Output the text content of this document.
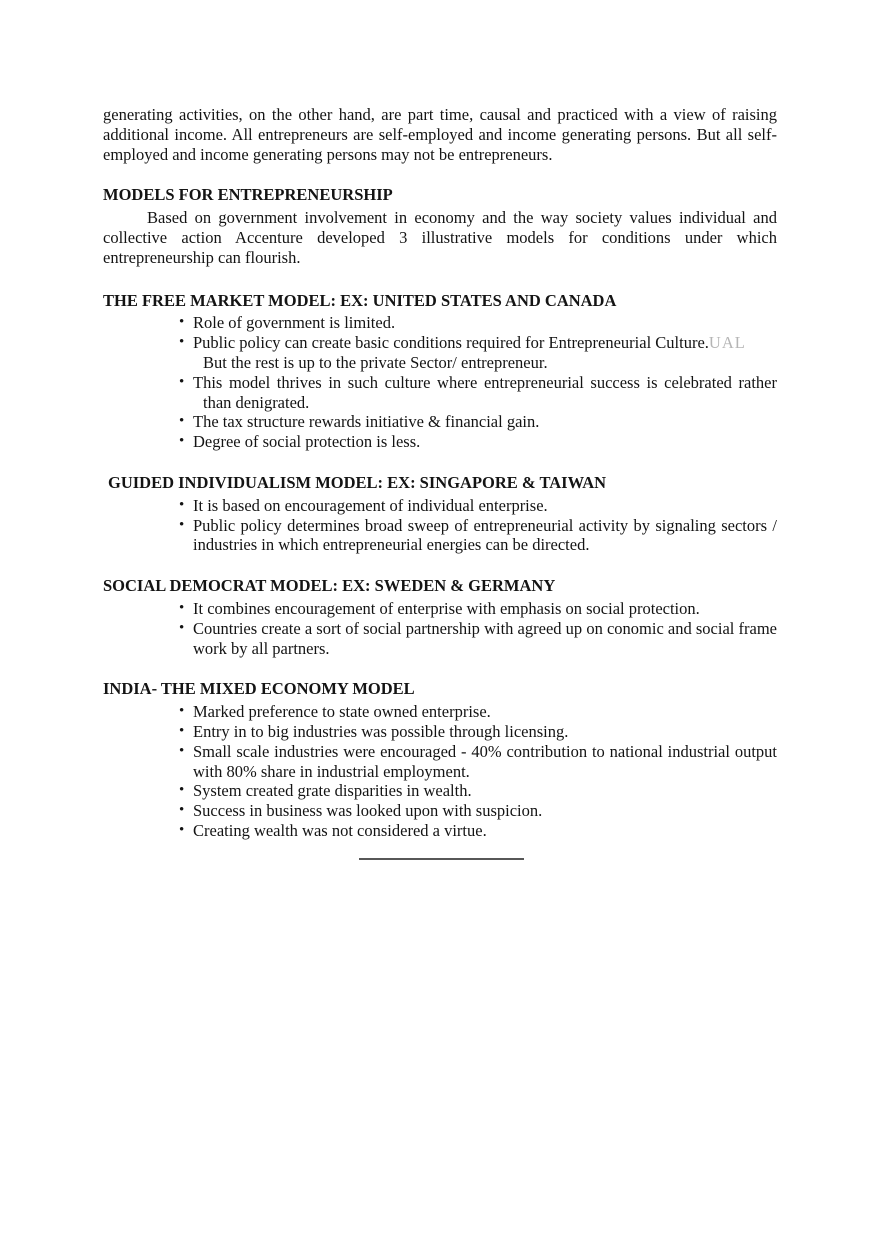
generating activities, on the other hand, are part time, causal and practiced with a view of raising additional income. All entrepreneurs are self-employed and income generating persons. But all self-employed and income generating persons may not be entrepreneurs.

MODELS FOR ENTREPRENEURSHIP

Based on government involvement in economy and the way society values individual and collective action Accenture developed 3 illustrative models for conditions under which entrepreneurship can flourish.

THE FREE MARKET MODEL: EX: UNITED STATES AND CANADA
• Role of government is limited.
• Public policy can create basic conditions required for Entrepreneurial Culture.UAL
But the rest is up to the private Sector/ entrepreneur.
• This model thrives in such culture where entrepreneurial success is celebrated rather than denigrated.
• The tax structure rewards initiative & financial gain.
• Degree of social protection is less.
GUIDED INDIVIDUALISM MODEL: EX: SINGAPORE & TAIWAN
• It is based on encouragement of individual enterprise.
• Public policy determines broad sweep of entrepreneurial activity by signaling sectors / industries in which entrepreneurial energies can be directed.
SOCIAL DEMOCRAT MODEL: EX: SWEDEN & GERMANY
• It combines encouragement of enterprise with emphasis on social protection.
• Countries create a sort of social partnership with agreed up on conomic and social frame work by all partners.
INDIA- THE MIXED ECONOMY MODEL
• Marked preference to state owned enterprise.
• Entry in to big industries was possible through licensing.
• Small scale industries were encouraged - 40% contribution to national industrial output with 80% share in industrial employment.
• System created grate disparities in wealth.
• Success in business was looked upon with suspicion.
• Creating wealth was not considered a virtue.
